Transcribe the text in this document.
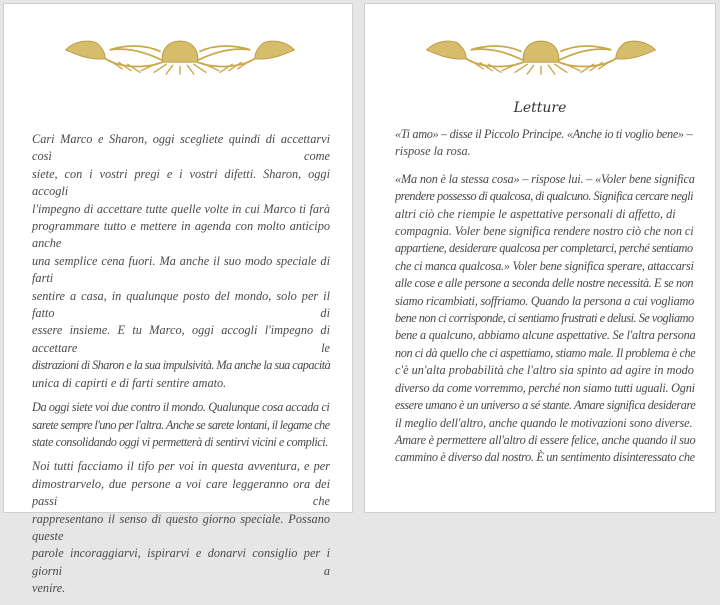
Cari Marco e Sharon, oggi scegliete quindi di accettarvi così come
siete, con i vostri pregi e i vostri difetti. Sharon, oggi accogli
l'impegno di accettare tutte quelle volte in cui Marco ti farà
programmare tutto e mettere in agenda con molto anticipo anche
una semplice cena fuori. Ma anche il suo modo speciale di farti
sentire a casa, in qualunque posto del mondo, solo per il fatto di
essere insieme. E tu Marco, oggi accogli l'impegno di accettare le
distrazioni di Sharon e la sua impulsività. Ma anche la sua capacità
unica di capirti e di farti sentire amato.
Da oggi siete voi due contro il mondo. Qualunque cosa accada ci
sarete sempre l'uno per l'altra. Anche se sarete lontani, il legame che
state consolidando oggi vi permetterà di sentirvi vicini e complici.
Noi tutti facciamo il tifo per voi in questa avventura, e per
dimostrarvelo, due persone a voi care leggeranno ora dei passi che
rappresentano il senso di questo giorno speciale. Possano queste
parole incoraggiarvi, ispirarvi e donarvi consiglio per i giorni a
venire.
Letture
«Ti amo» – disse il Piccolo Principe. «Anche io ti voglio bene» –
rispose la rosa.
«Ma non è la stessa cosa» – rispose lui. – «Voler bene significa
prendere possesso di qualcosa, di qualcuno. Significa cercare negli
altri ciò che riempie le aspettative personali di affetto, di
compagnia. Voler bene significa rendere nostro ciò che non ci
appartiene, desiderare qualcosa per completarci, perché sentiamo
che ci manca qualcosa.» Voler bene significa sperare, attaccarsi
alle cose e alle persone a seconda delle nostre necessità. E se non
siamo ricambiati, soffriamo. Quando la persona a cui vogliamo
bene non ci corrisponde, ci sentiamo frustrati e delusi. Se vogliamo
bene a qualcuno, abbiamo alcune aspettative. Se l'altra persona
non ci dà quello che ci aspettiamo, stiamo male. Il problema è che
c'è un'alta probabilità che l'altro sia spinto ad agire in modo
diverso da come vorremmo, perché non siamo tutti uguali. Ogni
essere umano è un universo a sé stante. Amare significa desiderare
il meglio dell'altro, anche quando le motivazioni sono diverse.
Amare è permettere all'altro di essere felice, anche quando il suo
cammino è diverso dal nostro. È un sentimento disinteressato che
